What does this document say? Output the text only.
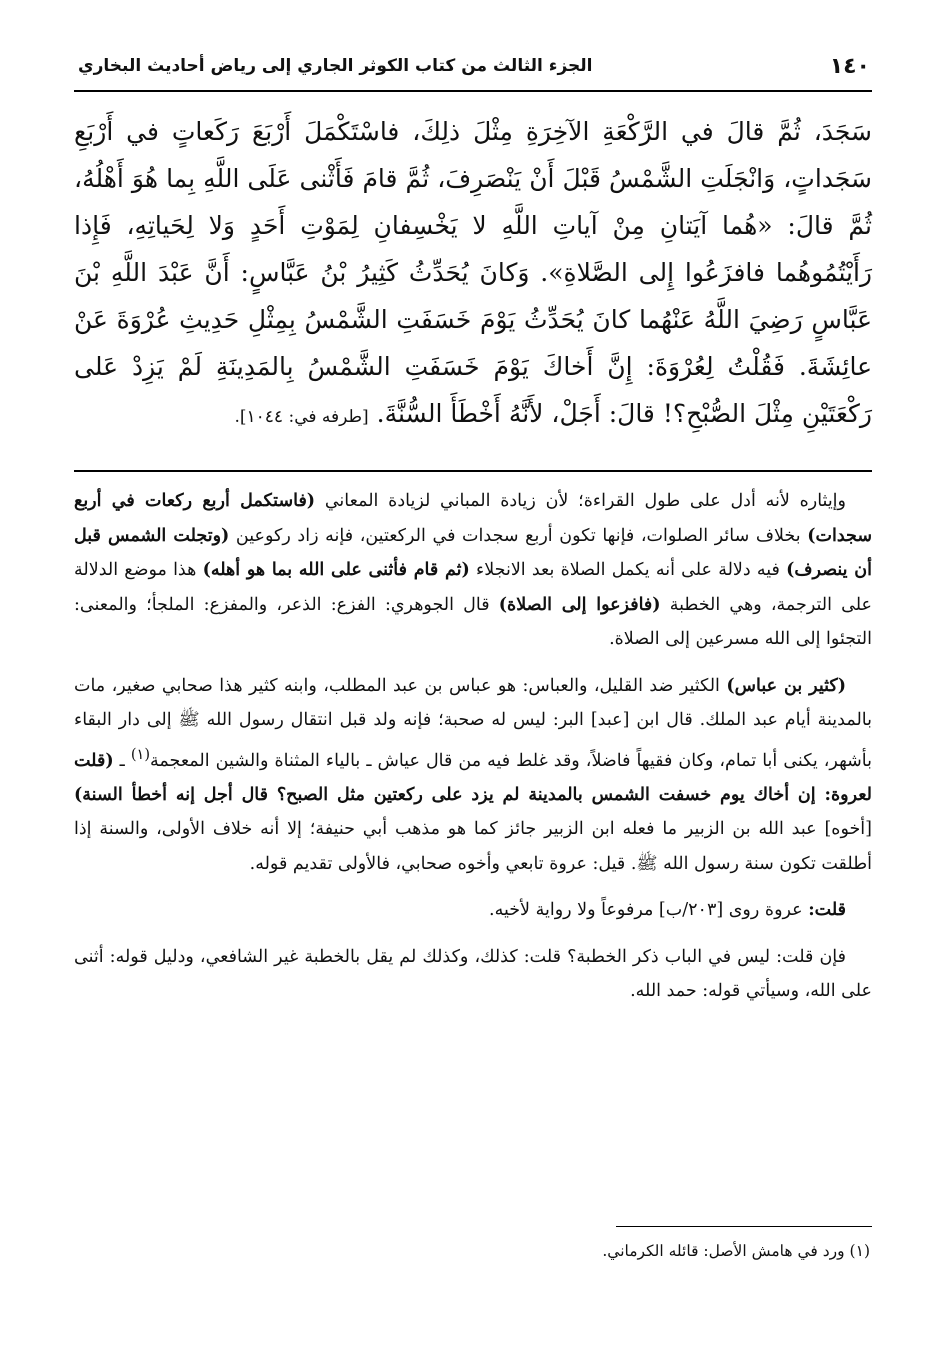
١٤٠
الجزء الثالث من كتاب الكوثر الجاري إلى رياض أحاديث البخاري
سَجَدَ، ثُمَّ قالَ في الرَّكْعَةِ الآخِرَةِ مِثْلَ ذلِكَ، فاسْتَكْمَلَ أَرْبَعَ رَكَعاتٍ في أَرْبَعِ سَجَداتٍ، وَانْجَلَتِ الشَّمْسُ قَبْلَ أَنْ يَنْصَرِفَ، ثُمَّ قامَ فَأَثْنى عَلَى اللَّهِ بِما هُوَ أَهْلُهُ، ثُمَّ قالَ: «هُما آيَتانِ مِنْ آياتِ اللَّهِ لا يَخْسِفانِ لِمَوْتِ أَحَدٍ وَلا لِحَياتِهِ، فَإِذا رَأَيْتُمُوهُما فافزَعُوا إِلى الصَّلاةِ». وَكانَ يُحَدِّثُ كَثِيرُ بْنُ عَبَّاسٍ: أَنَّ عَبْدَ اللَّهِ بْنَ عَبَّاسٍ رَضِيَ اللَّهُ عَنْهُما كانَ يُحَدِّثُ يَوْمَ خَسَفَتِ الشَّمْسُ بِمِثْلِ حَدِيثِ عُرْوَةَ عَنْ عائِشَةَ. فَقُلْتُ لِعُرْوَةَ: إِنَّ أَخاكَ يَوْمَ خَسَفَتِ الشَّمْسُ بِالمَدِينَةِ لَمْ يَزِدْ عَلى رَكْعَتَيْنِ مِثْلَ الصُّبْحِ؟! قالَ: أَجَلْ، لأَنَّهُ أَخْطَأَ السُّنَّةَ. [طرفه في: ١٠٤٤].

وإيثاره لأنه أدل على طول القراءة؛ لأن زيادة المباني لزيادة المعاني (فاستكمل أربع ركعات في أربع سجدات) بخلاف سائر الصلوات، فإنها تكون أربع سجدات في الركعتين، فإنه زاد ركوعين (وتجلت الشمس قبل أن ينصرف) فيه دلالة على أنه يكمل الصلاة بعد الانجلاء (ثم قام فأثنى على الله بما هو أهله) هذا موضع الدلالة على الترجمة، وهي الخطبة (فافزعوا إلى الصلاة) قال الجوهري: الفزع: الذعر، والمفزع: الملجأ؛ والمعنى: التجئوا إلى الله مسرعين إلى الصلاة.

(كثير بن عباس) الكثير ضد القليل، والعباس: هو عباس بن عبد المطلب، وابنه كثير هذا صحابي صغير، مات بالمدينة أيام عبد الملك. قال ابن [عبد] البر: ليس له صحبة؛ فإنه ولد قبل انتقال رسول الله ﷺ إلى دار البقاء بأشهر، يكنى أبا تمام، وكان فقيهاً فاضلاً، وقد غلط فيه من قال عياش ـ بالياء المثناة والشين المعجمة$^{(١)}$ ـ (قلت لعروة: إن أخاك يوم خسفت الشمس بالمدينة لم يزد على ركعتين مثل الصبح؟ قال أجل إنه أخطأ السنة) [أخوه] عبد الله بن الزبير ما فعله ابن الزبير جائز كما هو مذهب أبي حنيفة؛ إلا أنه خلاف الأولى، والسنة إذا أطلقت تكون سنة رسول الله ﷺ. قيل: عروة تابعي وأخوه صحابي، فالأولى تقديم قوله.

قلت: عروة روى [٢٠٣/ب] مرفوعاً ولا رواية لأخيه.

فإن قلت: ليس في الباب ذكر الخطبة؟ قلت: كذلك، وكذلك لم يقل بالخطبة غير الشافعي، ودليل قوله: أثنى على الله، وسيأتي قوله: حمد الله.

(١) ورد في هامش الأصل: قائله الكرماني.
